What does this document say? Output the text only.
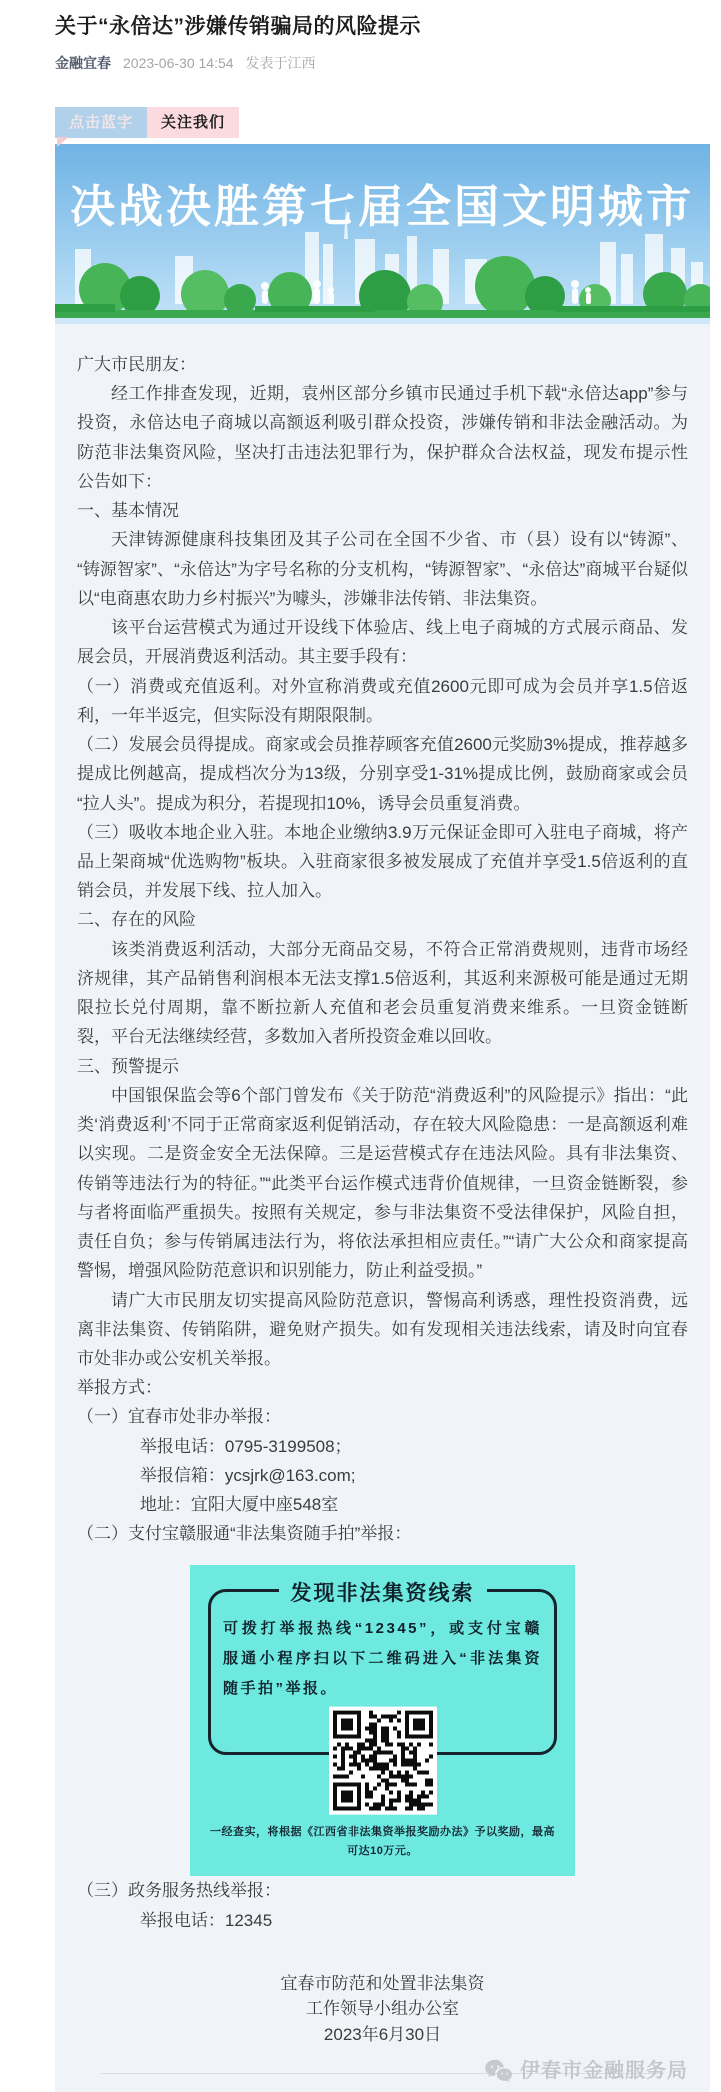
关于“永倍达”涉嫌传销骗局的风险提示
金融宜春 2023-06-30 14:54 发表于江西
点击蓝字	关注我们
决战决胜第七届全国文明城市

广大市民朋友：

经工作排查发现，近期，袁州区部分乡镇市民通过手机下载“永倍达app”参与投资，永倍达电子商城以高额返利吸引群众投资，涉嫌传销和非法金融活动。为防范非法集资风险，坚决打击违法犯罪行为，保护群众合法权益，现发布提示性公告如下：

一、基本情况

天津铸源健康科技集团及其子公司在全国不少省、市（县）设有以“铸源”、“铸源智家”、“永倍达”为字号名称的分支机构，“铸源智家”、“永倍达”商城平台疑似以“电商惠农助力乡村振兴”为噱头，涉嫌非法传销、非法集资。

该平台运营模式为通过开设线下体验店、线上电子商城的方式展示商品、发展会员，开展消费返利活动。其主要手段有：

（一）消费或充值返利。对外宣称消费或充值2600元即可成为会员并享1.5倍返利，一年半返完，但实际没有期限限制。

（二）发展会员得提成。商家或会员推荐顾客充值2600元奖励3%提成，推荐越多提成比例越高，提成档次分为13级，分别享受1-31%提成比例，鼓励商家或会员“拉人头”。提成为积分，若提现扣10%，诱导会员重复消费。

（三）吸收本地企业入驻。本地企业缴纳3.9万元保证金即可入驻电子商城，将产品上架商城“优选购物”板块。入驻商家很多被发展成了充值并享受1.5倍返利的直销会员，并发展下线、拉人加入。

二、存在的风险

该类消费返利活动，大部分无商品交易，不符合正常消费规则，违背市场经济规律，其产品销售利润根本无法支撑1.5倍返利，其返利来源极可能是通过无期限拉长兑付周期，靠不断拉新人充值和老会员重复消费来维系。一旦资金链断裂，平台无法继续经营，多数加入者所投资金难以回收。

三、预警提示

中国银保监会等6个部门曾发布《关于防范“消费返利”的风险提示》指出：“此类‘消费返利’不同于正常商家返利促销活动，存在较大风险隐患：一是高额返利难以实现。二是资金安全无法保障。三是运营模式存在违法风险。具有非法集资、传销等违法行为的特征。”“此类平台运作模式违背价值规律，一旦资金链断裂，参与者将面临严重损失。按照有关规定，参与非法集资不受法律保护，风险自担，责任自负；参与传销属违法行为，将依法承担相应责任。”“请广大公众和商家提高警惕，增强风险防范意识和识别能力，防止利益受损。”

请广大市民朋友切实提高风险防范意识，警惕高利诱惑，理性投资消费，远离非法集资、传销陷阱，避免财产损失。如有发现相关违法线索，请及时向宜春市处非办或公安机关举报。

举报方式：

（一）宜春市处非办举报：

举报电话：0795-3199508；

举报信箱：ycsjrk@163.com;

地址：宜阳大厦中座548室

（二）支付宝赣服通“非法集资随手拍”举报：

发现非法集资线索
可拨打举报热线“12345”，或支付宝赣服通小程序扫以下二维码进入“非法集资随手拍”举报。
一经查实，将根据《江西省非法集资举报奖励办法》予以奖励，最高可达10万元。

（三）政务服务热线举报：

举报电话：12345

宜春市防范和处置非法集资

工作领导小组办公室

2023年6月30日

伊春市金融服务局
